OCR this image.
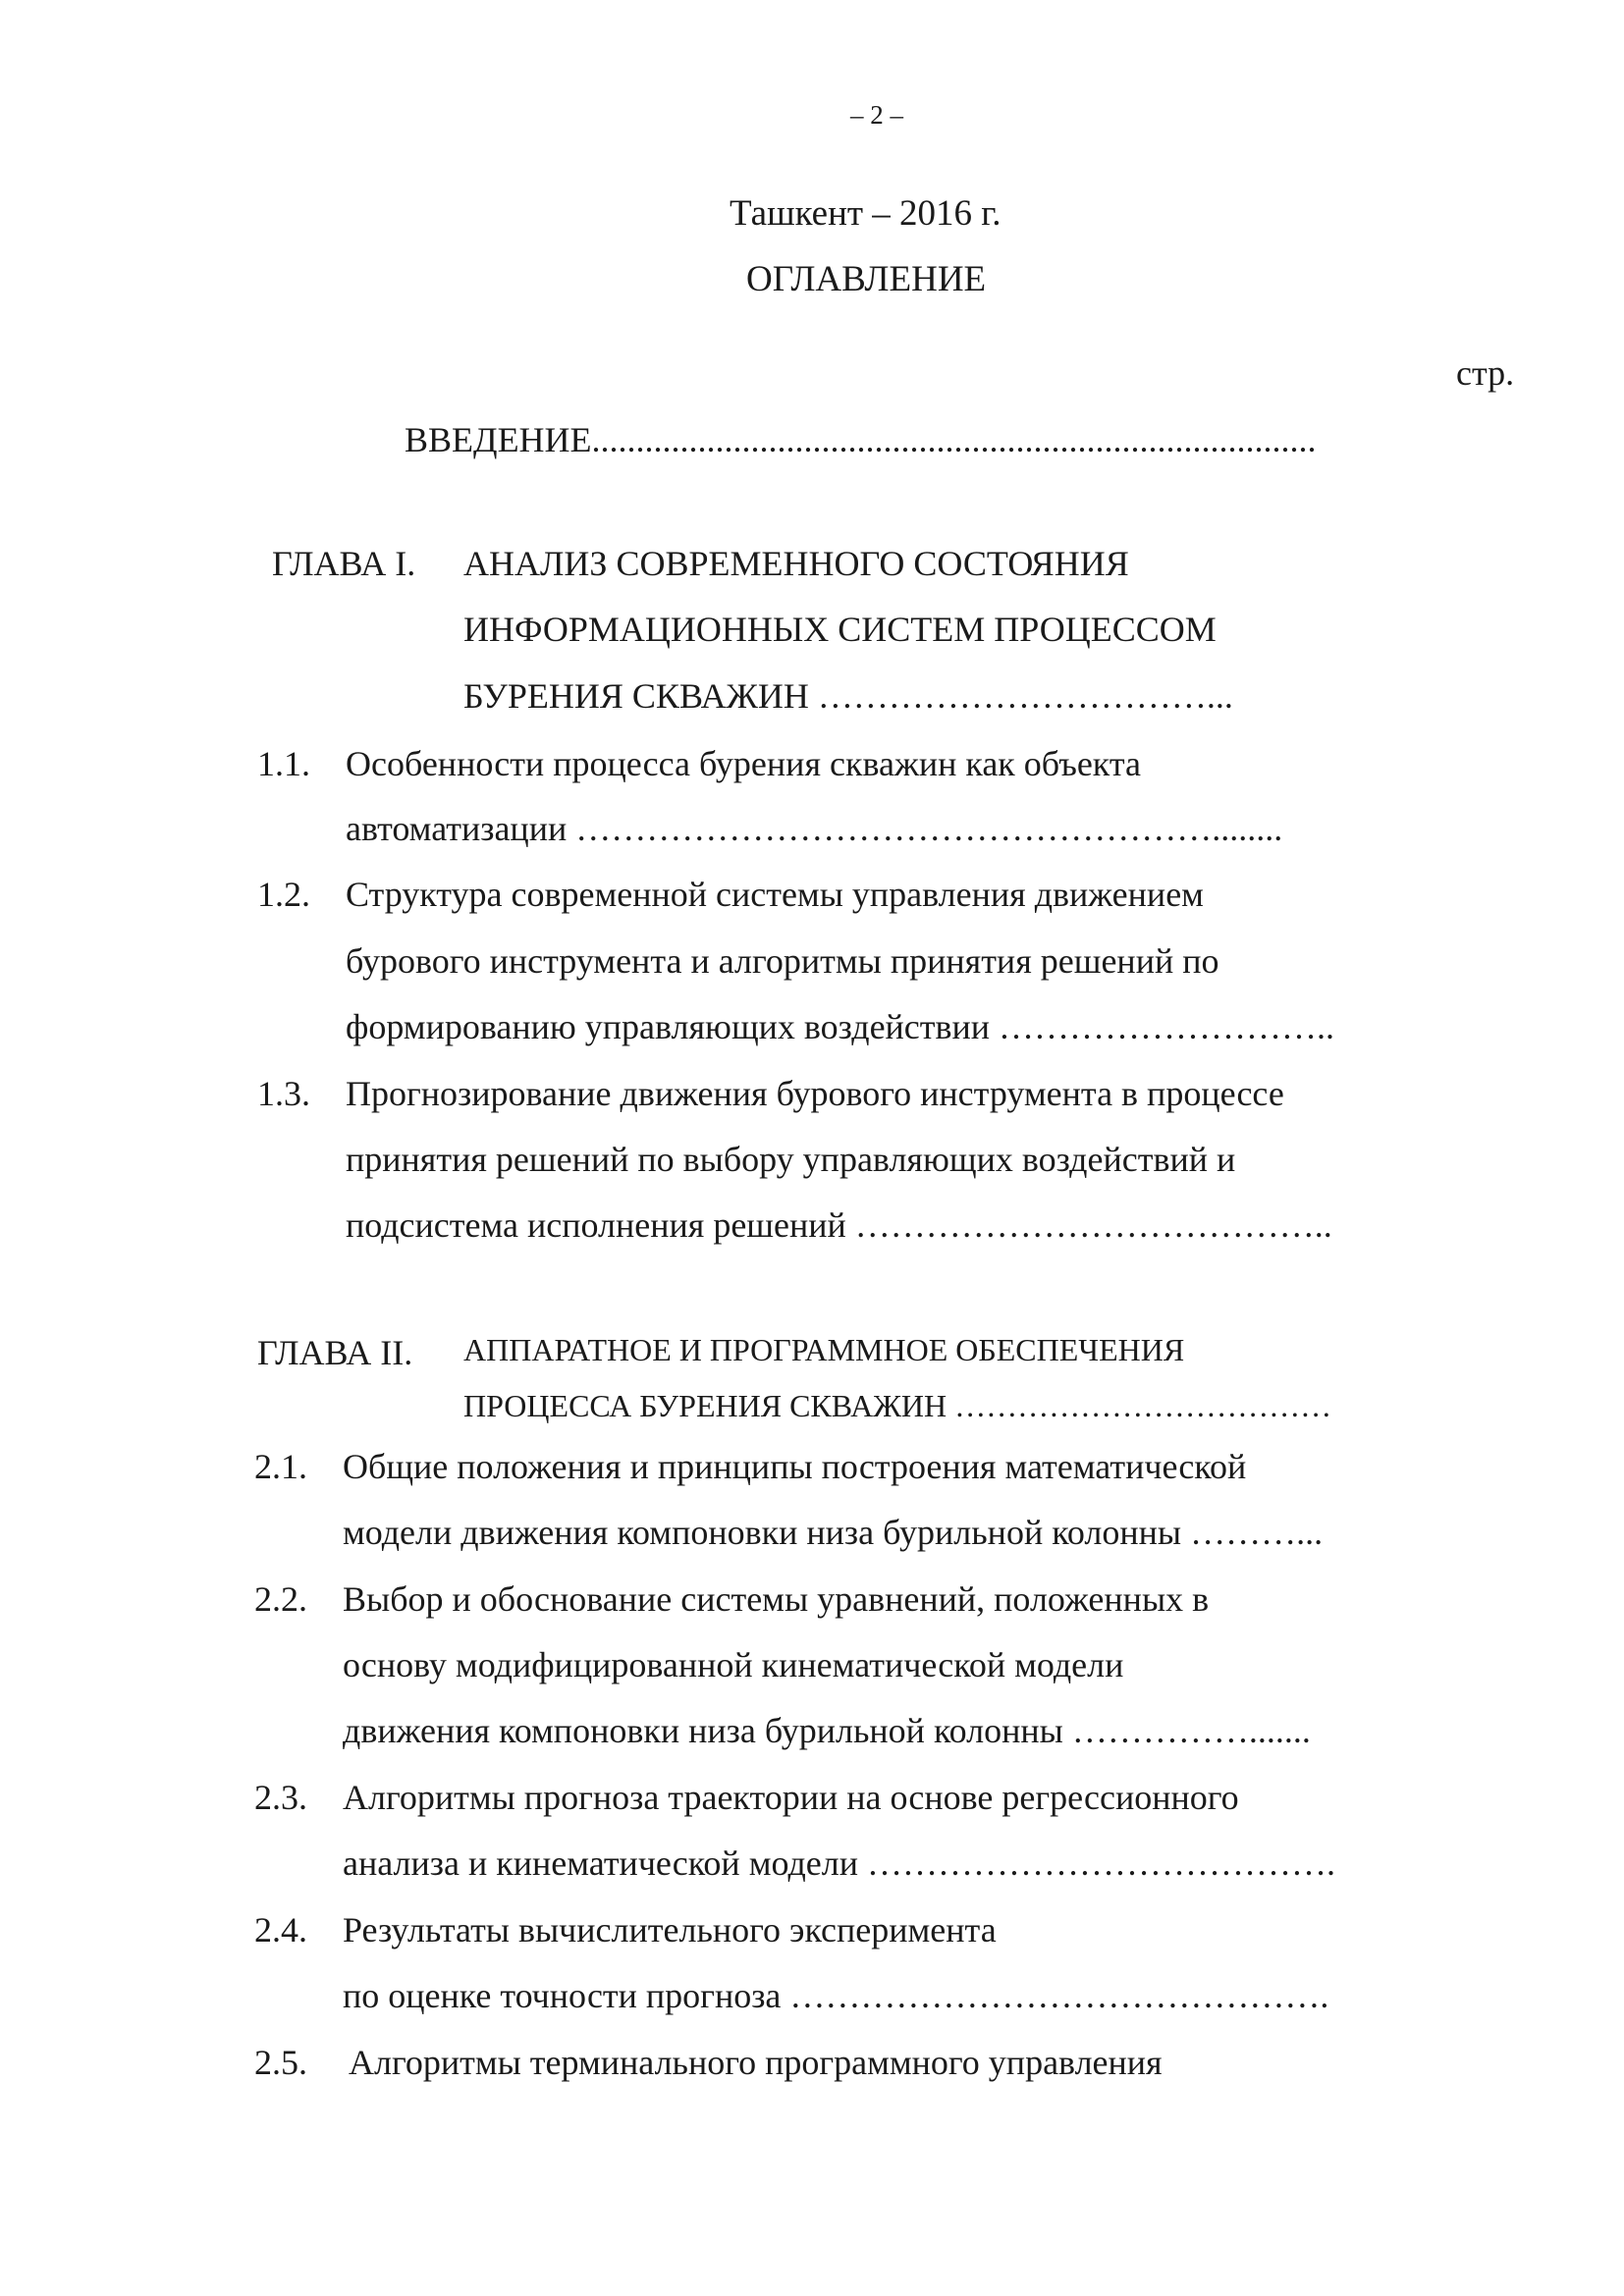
– 2 –
Ташкент – 2016 г.
ОГЛАВЛЕНИЕ
стр.
ВВЕДЕНИЕ..................................................................................
ГЛАВА I. АНАЛИЗ СОВРЕМЕННОГО СОСТОЯНИЯ
ИНФОРМАЦИОННЫХ СИСТЕМ ПРОЦЕССОМ
БУРЕНИЯ СКВАЖИН ……………………………...
1.1. Особенности процесса бурения скважин как объекта
автоматизации ………………………………………………........
1.2. Структура современной системы управления движением
бурового инструмента и алгоритмы принятия решений по
формированию управляющих воздействии ………………………..
1.3. Прогнозирование движения бурового инструмента в процессе
принятия решений по выбору управляющих воздействий и
подсистема исполнения решений …………………………………..
ГЛАВА II. АППАРАТНОЕ И ПРОГРАММНОЕ ОБЕСПЕЧЕНИЯ
ПРОЦЕССА БУРЕНИЯ СКВАЖИН ………………………………
2.1. Общие положения и принципы построения математической
модели движения компоновки низа бурильной колонны ………...
2.2. Выбор и обоснование системы уравнений, положенных в
основу модифицированной кинематической модели
движения компоновки низа бурильной колонны …………….......
2.3. Алгоритмы прогноза траектории на основе регрессионного
анализа и кинематической модели ………………………………….
2.4. Результаты вычислительного эксперимента
по оценке точности прогноза ……………………………………….
2.5. Алгоритмы терминального программного управления
